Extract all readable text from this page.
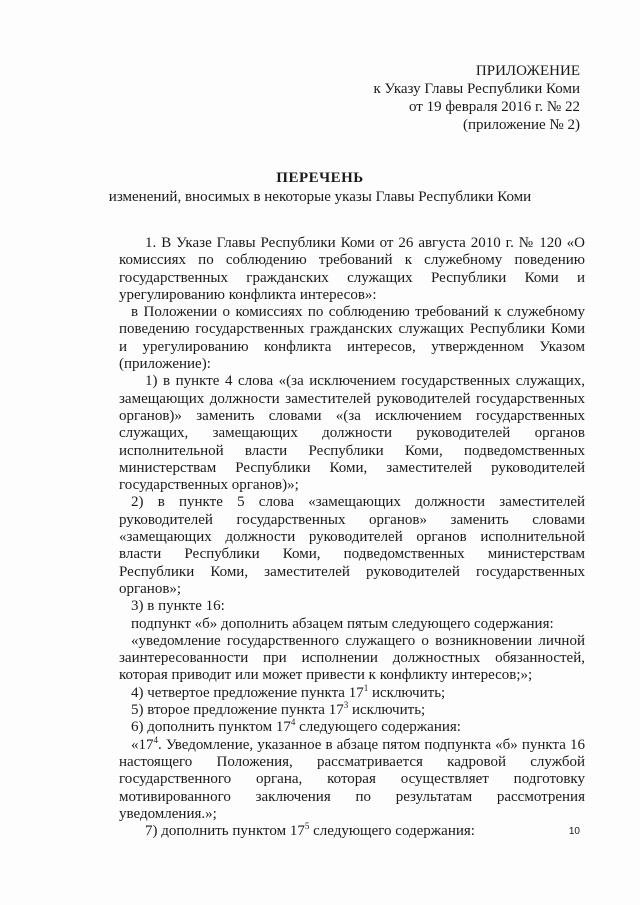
ПРИЛОЖЕНИЕ
к Указу Главы Республики Коми
от 19 февраля 2016 г. № 22
(приложение № 2)
ПЕРЕЧЕНЬ
изменений, вносимых в некоторые указы Главы Республики Коми

1. В Указе Главы Республики Коми от 26 августа 2010 г. № 120 «О комиссиях по соблюдению требований к служебному поведению государственных гражданских служащих Республики Коми и урегулированию конфликта интересов»:

в Положении о комиссиях по соблюдению требований к служебному поведению государственных гражданских служащих Республики Коми и урегулированию конфликта интересов, утвержденном Указом (приложение):

1) в пункте 4 слова «(за исключением государственных служащих, замещающих должности заместителей руководителей государственных органов)» заменить словами «(за исключением государственных служащих, замещающих должности руководителей органов исполнительной власти Республики Коми, подведомственных министерствам Республики Коми, заместителей руководителей государственных органов)»;

2) в пункте 5 слова «замещающих должности заместителей руководителей государственных органов» заменить словами «замещающих должности руководителей органов исполнительной власти Республики Коми, подведомственных министерствам Республики Коми, заместителей руководителей государственных органов»;

3) в пункте 16:

подпункт «б» дополнить абзацем пятым следующего содержания:

«уведомление государственного служащего о возникновении личной заинтересованности при исполнении должностных обязанностей, которая приводит или может привести к конфликту интересов;»;

4) четвертое предложение пункта $17^1$ исключить;

5) второе предложение пункта $17^3$ исключить;

6) дополнить пунктом $17^4$ следующего содержания:

«$17^4$. Уведомление, указанное в абзаце пятом подпункта «б» пункта 16 настоящего Положения, рассматривается кадровой службой государственного органа, которая осуществляет подготовку мотивированного заключения по результатам рассмотрения уведомления.»;

7) дополнить пунктом $17^5$ следующего содержания:	10
